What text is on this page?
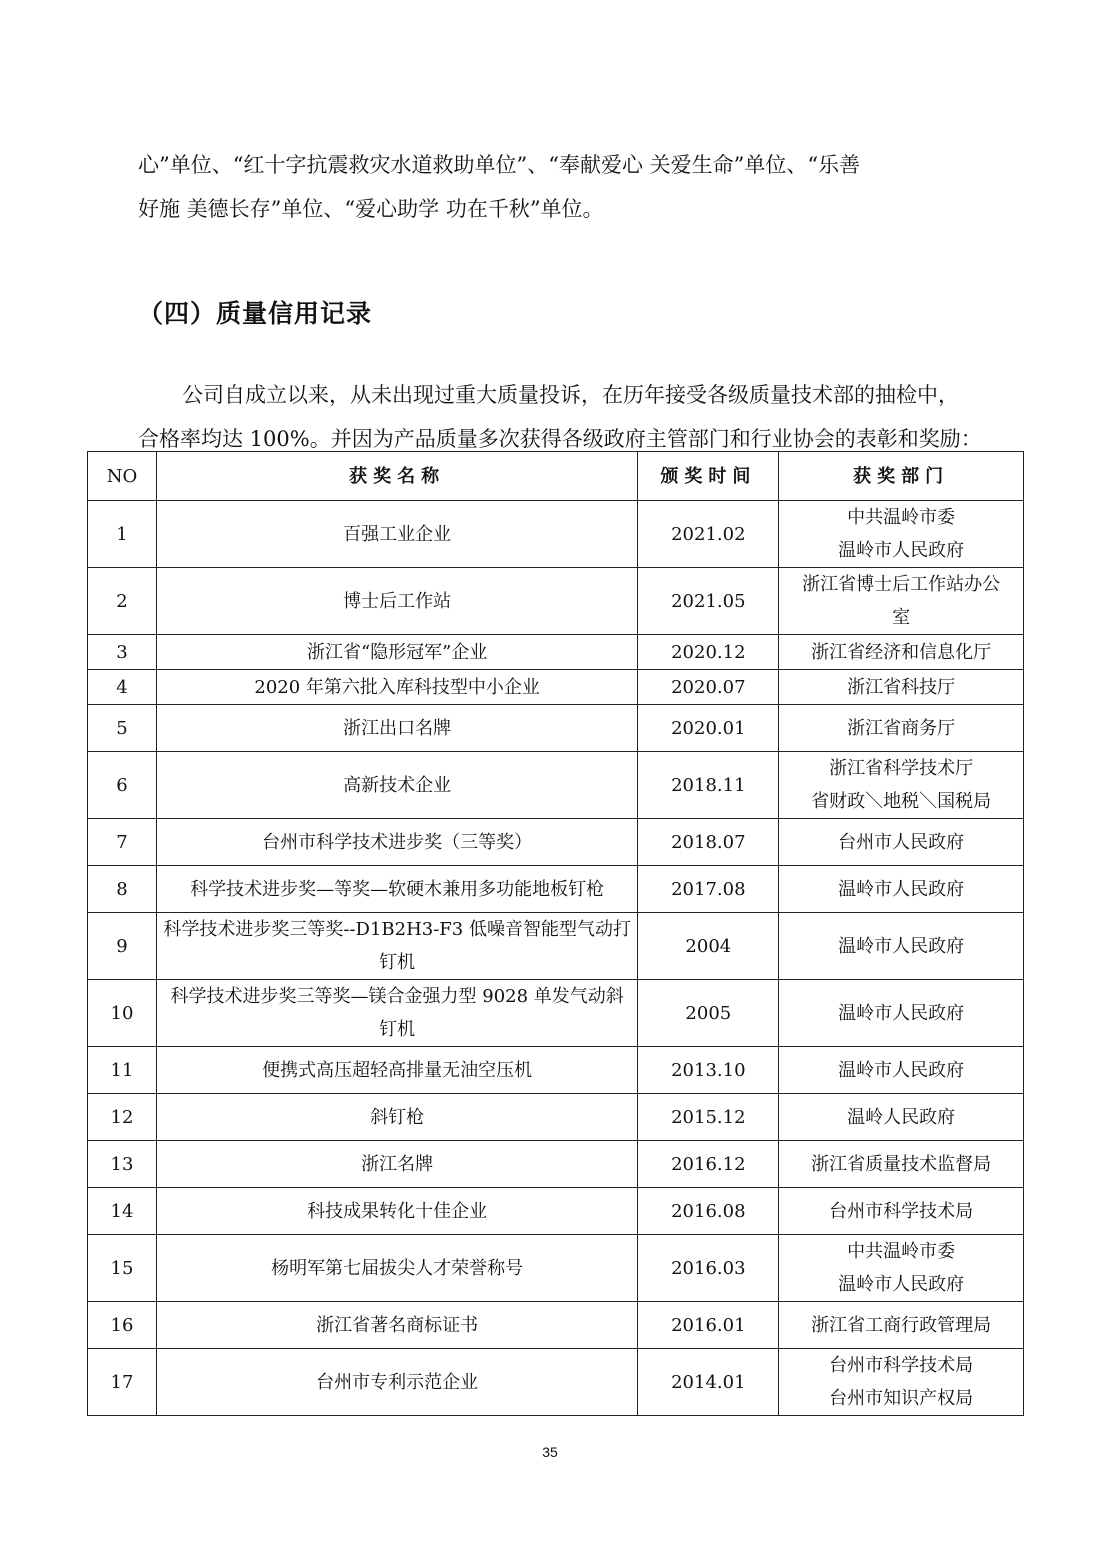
心”单位、“红十字抗震救灾水道救助单位”、“奉献爱心 关爱生命”单位、“乐善

好施 美德长存”单位、“爱心助学 功在千秋”单位。

（四）质量信用记录

公司自成立以来，从未出现过重大质量投诉，在历年接受各级质量技术部的抽检中，

合格率均达 100%。并因为产品质量多次获得各级政府主管部门和行业协会的表彰和奖励：

NO	获奖名称	颁奖时间	获奖部门
1	百强工业企业	2021.02	中共温岭市委
温岭市人民政府

2	博士后工作站	2021.05	浙江省博士后工作站办公
室

3	浙江省“隐形冠军”企业	2020.12	浙江省经济和信息化厅

4	2020 年第六批入库科技型中小企业	2020.07	浙江省科技厅

5	浙江出口名牌	2020.01	浙江省商务厅

6	高新技术企业	2018.11	浙江省科学技术厅
省财政＼地税＼国税局

7	台州市科学技术进步奖（三等奖）	2018.07	台州市人民政府

8	科学技术进步奖—等奖—软硬木兼用多功能地板钉枪	2017.08	温岭市人民政府

9	科学技术进步奖三等奖--D1B2H3-F3 低噪音智能型气动打钉机	2004	温岭市人民政府

10	科学技术进步奖三等奖—镁合金强力型 9028 单发气动斜钉机	2005	温岭市人民政府

11	便携式高压超轻高排量无油空压机	2013.10	温岭市人民政府

12	斜钉枪	2015.12	温岭人民政府

13	浙江名牌	2016.12	浙江省质量技术监督局

14	科技成果转化十佳企业	2016.08	台州市科学技术局

15	杨明军第七届拔尖人才荣誉称号	2016.03	中共温岭市委
温岭市人民政府

16	浙江省著名商标证书	2016.01	浙江省工商行政管理局

17	台州市专利示范企业	2014.01	台州市科学技术局
台州市知识产权局
35
